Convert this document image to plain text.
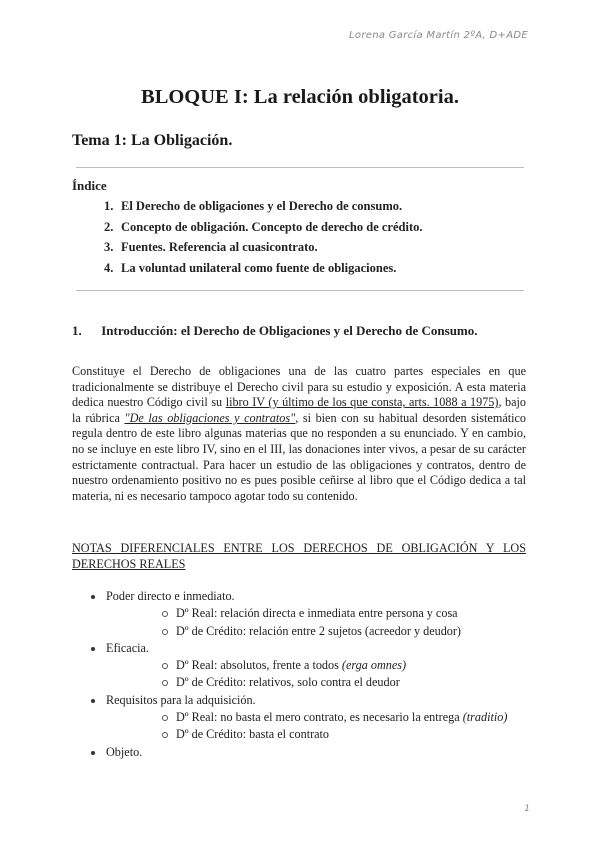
Lorena García Martín 2ºA, D+ADE
BLOQUE I: La relación obligatoria.
Tema 1: La Obligación.
Índice
1. El Derecho de obligaciones y el Derecho de consumo.
2. Concepto de obligación. Concepto de derecho de crédito.
3. Fuentes. Referencia al cuasicontrato.
4. La voluntad unilateral como fuente de obligaciones.
1. Introducción: el Derecho de Obligaciones y el Derecho de Consumo.

Constituye el Derecho de obligaciones una de las cuatro partes especiales en que tradicionalmente se distribuye el Derecho civil para su estudio y exposición. A esta materia dedica nuestro Código civil su libro IV (y último de los que consta, arts. 1088 a 1975), bajo la rúbrica "De las obligaciones y contratos", si bien con su habitual desorden sistemático regula dentro de este libro algunas materias que no responden a su enunciado. Y en cambio, no se incluye en este libro IV, sino en el III, las donaciones inter vivos, a pesar de su carácter estrictamente contractual. Para hacer un estudio de las obligaciones y contratos, dentro de nuestro ordenamiento positivo no es pues posible ceñirse al libro que el Código dedica a tal materia, ni es necesario tampoco agotar todo su contenido.

NOTAS DIFERENCIALES ENTRE LOS DERECHOS DE OBLIGACIÓN Y LOS DERECHOS REALES

Poder directo e inmediato.
Dº Real: relación directa e inmediata entre persona y cosa
Dº de Crédito: relación entre 2 sujetos (acreedor y deudor)
Eficacia.
Dº Real: absolutos, frente a todos (erga omnes)
Dº de Crédito: relativos, solo contra el deudor
Requisitos para la adquisición.
Dº Real: no basta el mero contrato, es necesario la entrega (traditio)
Dº de Crédito: basta el contrato
Objeto.
1
